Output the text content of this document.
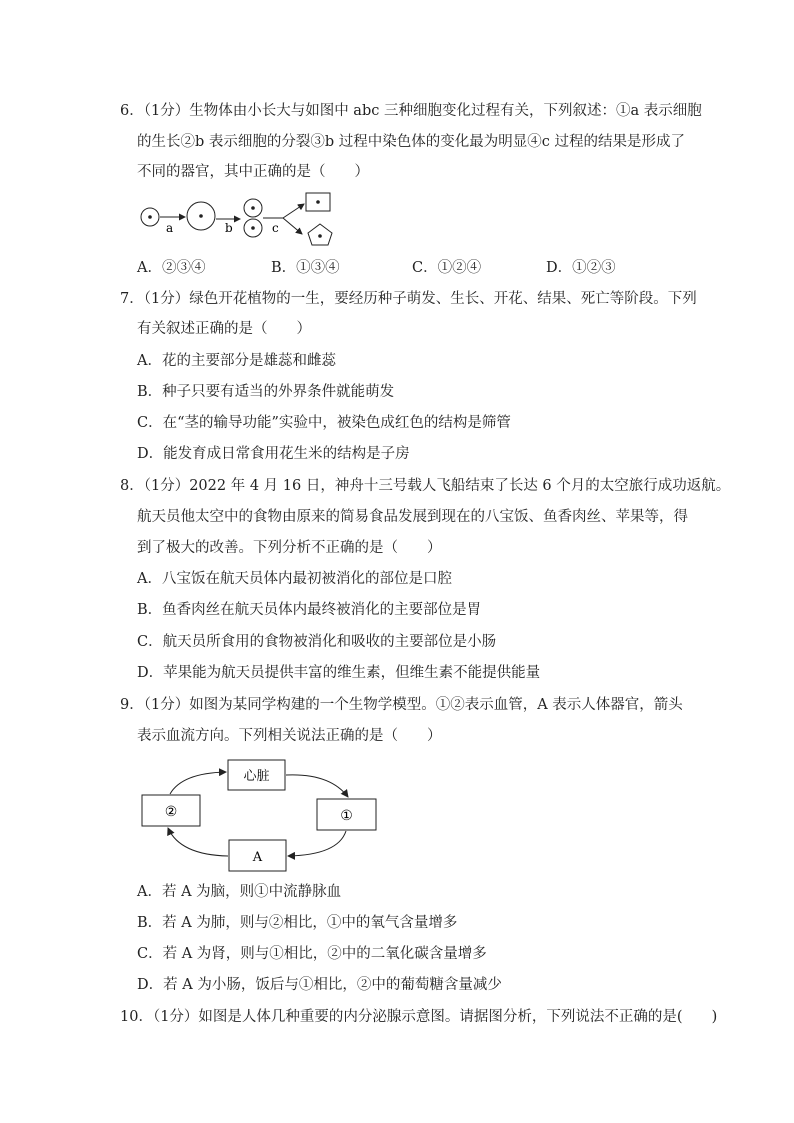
6．（1分）生物体由小长大与如图中 abc 三种细胞变化过程有关，下列叙述：①a 表示细胞
的生长②b 表示细胞的分裂③b 过程中染色体的变化最为明显④c 过程的结果是形成了
不同的器官，其中正确的是（　　）
a	b	c
A．②③④	B．①③④	C．①②④	D．①②③
7．（1分）绿色开花植物的一生，要经历种子萌发、生长、开花、结果、死亡等阶段。下列
有关叙述正确的是（　　）
A．花的主要部分是雄蕊和雌蕊
B．种子只要有适当的外界条件就能萌发
C．在“茎的输导功能”实验中，被染色成红色的结构是筛管
D．能发育成日常食用花生米的结构是子房
8．（1分）2022 年 4 月 16 日，神舟十三号载人飞船结束了长达 6 个月的太空旅行成功返航。
航天员他太空中的食物由原来的简易食品发展到现在的八宝饭、鱼香肉丝、苹果等，得
到了极大的改善。下列分析不正确的是（　　）
A．八宝饭在航天员体内最初被消化的部位是口腔
B．鱼香肉丝在航天员体内最终被消化的主要部位是胃
C．航天员所食用的食物被消化和吸收的主要部位是小肠
D．苹果能为航天员提供丰富的维生素，但维生素不能提供能量
9．（1分）如图为某同学构建的一个生物学模型。①②表示血管，A 表示人体器官，箭头
表示血流方向。下列相关说法正确的是（　　）
心脏
②	①
A
A．若 A 为脑，则①中流静脉血
B．若 A 为肺，则与②相比，①中的氧气含量增多
C．若 A 为肾，则与①相比，②中的二氧化碳含量增多
D．若 A 为小肠，饭后与①相比，②中的葡萄糖含量减少
10．（1分）如图是人体几种重要的内分泌腺示意图。请据图分析，下列说法不正确的是(　　)
